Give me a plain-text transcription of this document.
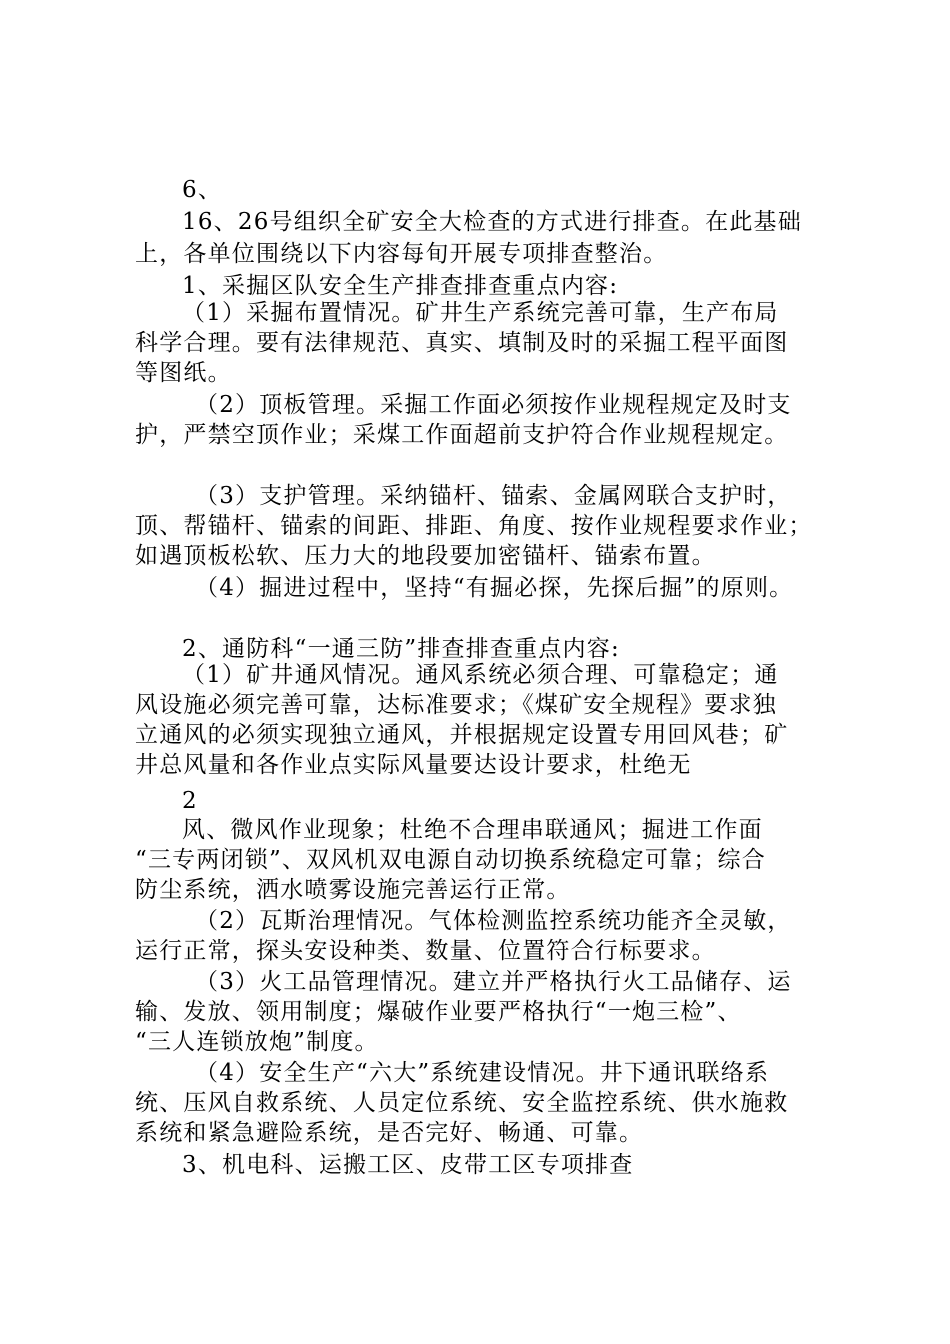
6、

16、26号组织全矿安全大检查的方式进行排查。在此基础

上，各单位围绕以下内容每旬开展专项排查整治。

1、采掘区队安全生产排查排查重点内容:

（1）采掘布置情况。矿井生产系统完善可靠，生产布局

科学合理。要有法律规范、真实、填制及时的采掘工程平面图

等图纸。

（2）顶板管理。采掘工作面必须按作业规程规定及时支

护，严禁空顶作业；采煤工作面超前支护符合作业规程规定。

（3）支护管理。采纳锚杆、锚索、金属网联合支护时，

顶、帮锚杆、锚索的间距、排距、角度、按作业规程要求作业；

如遇顶板松软、压力大的地段要加密锚杆、锚索布置。

（4）掘进过程中，坚持“有掘必探，先探后掘”的原则。

2、通防科“一通三防”排查排查重点内容:

（1）矿井通风情况。通风系统必须合理、可靠稳定；通

风设施必须完善可靠，达标准要求；《煤矿安全规程》要求独

立通风的必须实现独立通风，并根据规定设置专用回风巷；矿

井总风量和各作业点实际风量要达设计要求，杜绝无

2

风、微风作业现象；杜绝不合理串联通风；掘进工作面

“三专两闭锁”、双风机双电源自动切换系统稳定可靠；综合

防尘系统，洒水喷雾设施完善运行正常。

（2）瓦斯治理情况。气体检测监控系统功能齐全灵敏，

运行正常，探头安设种类、数量、位置符合行标要求。

（3）火工品管理情况。建立并严格执行火工品储存、运

输、发放、领用制度；爆破作业要严格执行“一炮三检”、

“三人连锁放炮”制度。

（4）安全生产“六大”系统建设情况。井下通讯联络系

统、压风自救系统、人员定位系统、安全监控系统、供水施救

系统和紧急避险系统，是否完好、畅通、可靠。

3、机电科、运搬工区、皮带工区专项排查
